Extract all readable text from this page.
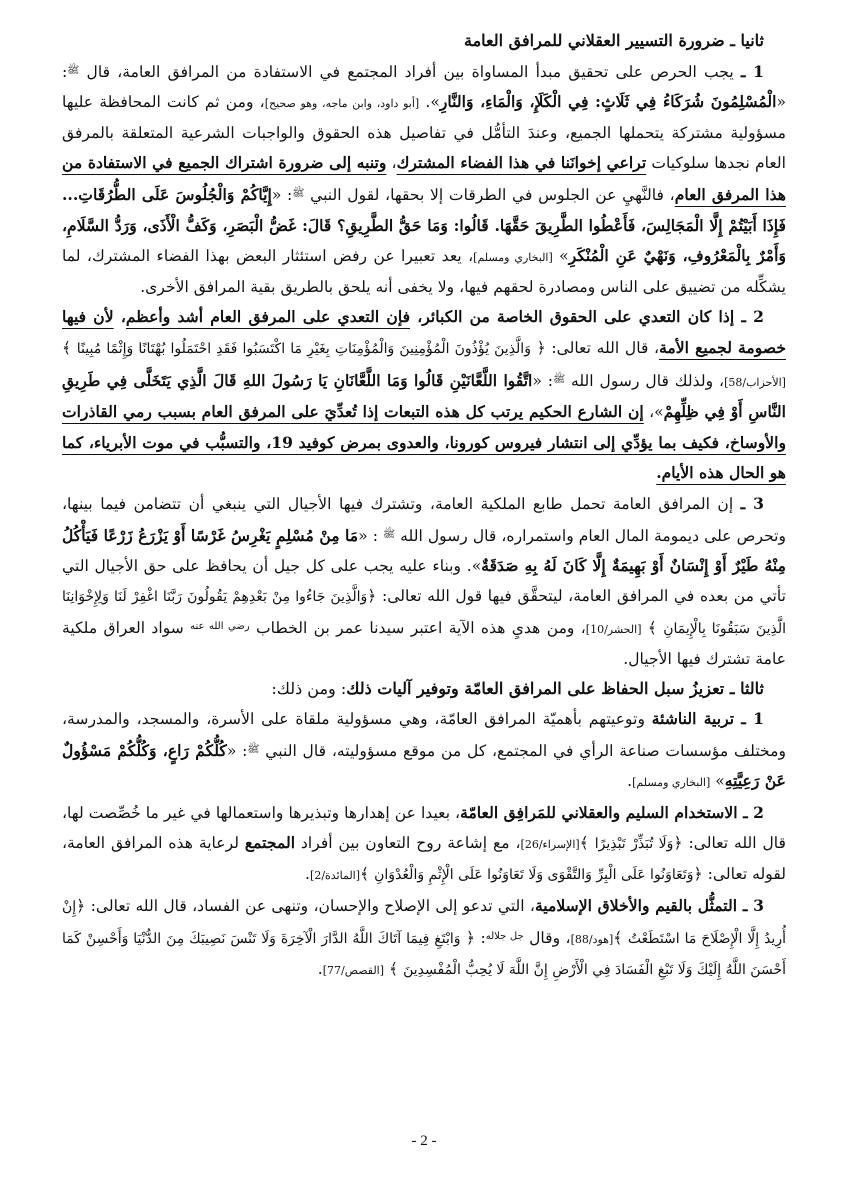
ثانيا ـ ضرورة التسيير العقلاني للمرافق العامة

1 ـ يجب الحرص على تحقيق مبدأ المساواة بين أفراد المجتمع في الاستفادة من المرافق العامة، قال $^ﷺ$: «الْمُسْلِمُونَ شُرَكَاءُ فِي ثَلَاثٍ: فِي الْكَلَإِ، وَالْمَاءِ، وَالنَّارِ». [أبو داود، وابن ماجه، وهو صحيح]، ومن ثم كانت المحافظة عليها مسؤولية مشتركة يتحملها الجميع، وعندَ التأمُّل في تفاصيل هذه الحقوق والواجبات الشرعية المتعلقة بالمرفق العام نجدها سلوكيات تراعي إخوانَنا في هذا الفضاء المشترك، وتنبه إلى ضرورة اشتراك الجميع في الاستفادة من هذا المرفق العام، فالنَّهيِ عن الجلوس في الطرقات إلا بحقها، لقول النبي $^ﷺ$: «إِيَّاكُمْ وَالْجُلُوسَ عَلَى الطُّرُقَاتِ... فَإِذَا أَبَيْتُمْ إِلَّا الْمَجَالِسَ، فَأَعْطُوا الطَّرِيقَ حَقَّهَا. قَالُوا: وَمَا حَقُّ الطَّرِيقِ؟ قَالَ: غَضُّ الْبَصَرِ، وَكَفُّ الْأَذَى، وَرَدُّ السَّلَامِ، وَأَمْرٌ بِالْمَعْرُوفِ، وَنَهْيٌ عَنِ الْمُنْكَرِ» [البخاري ومسلم]، يعد تعبيرا عن رفض استئثار البعض بهذا الفضاء المشترك، لما يشكِّله من تضييق على الناس ومصادرة لحقهم فيها، ولا يخفى أنه يلحق بالطريق بقية المرافق الأخرى.

2 ـ إذا كان التعدي على الحقوق الخاصة من الكبائر، فإن التعدي على المرفق العام أشد وأعظم، لأن فيها خصومة لجميع الأمة، قال الله تعالى: ﴿ وَالَّذِينَ يُؤْذُونَ الْمُؤْمِنِينَ وَالْمُؤْمِنَاتِ بِغَيْرِ مَا اكْتَسَبُوا فَقَدِ احْتَمَلُوا بُهْتَانًا وَإِثْمًا مُبِينًا ﴾ [الأحزاب/58]، ولذلك قال رسول الله $^ﷺ$: «اتَّقُوا اللَّعَّانَيْنِ قَالُوا وَمَا اللَّعَّانَانِ يَا رَسُولَ اللهِ قَالَ الَّذِي يَتَخَلَّى فِي طَرِيقِ النَّاسِ أَوْ فِي ظِلِّهِمْ»، إن الشارع الحكيم يرتب كل هذه التبعات إذا تُعدِّيَ على المرفق العام بسبب رمي القاذرات والأوساخ، فكيف بما يؤدِّي إلى انتشار فيروس كورونا، والعدوى بمرض كوفيد 19، والتسبُّب في موت الأبرياء، كما هو الحال هذه الأيام.

3 ـ إن المرافق العامة تحمل طابع الملكية العامة، وتشترك فيها الأجيال التي ينبغي أن تتضامن فيما بينها، وتحرص على ديمومة المال العام واستمراره، قال رسول الله $^ﷺ$ : «مَا مِنْ مُسْلِمٍ يَغْرِسُ غَرْسًا أَوْ يَزْرَعُ زَرْعًا فَيَأْكُلُ مِنْهُ طَيْرٌ أَوْ إِنْسَانٌ أَوْ بَهِيمَةٌ إِلَّا كَانَ لَهُ بِهِ صَدَقَةٌ». وبناء عليه يجب على كل جيل أن يحافظ على حق الأجيال التي تأتي من بعده في المرافق العامة، ليتحقَّق فيها قول الله تعالى: ﴿وَالَّذِينَ جَاءُوا مِنْ بَعْدِهِمْ يَقُولُونَ رَبَّنَا اغْفِرْ لَنَا وَلِإِخْوَانِنَا الَّذِينَ سَبَقُونَا بِالْإِيمَانِ ﴾ [الحشر/10]، ومن هديِ هذه الآية اعتبر سيدنا عمر بن الخطاب $^{رضي الله عنه}$ سواد العراق ملكية عامة تشترك فيها الأجيال.

ثالثا ـ تعزيزُ سبل الحفاظ على المرافق العامّة وتوفير آليات ذلك: ومن ذلك:

1 ـ تربية الناشئة وتوعيتهم بأهميّة المرافق العامّة، وهي مسؤولية ملقاة على الأسرة، والمسجد، والمدرسة، ومختلف مؤسسات صناعة الرأي في المجتمع، كل من موقع مسؤوليته، قال النبي $^ﷺ$: «كُلُّكُمْ رَاعٍ، وَكُلُّكُمْ مَسْؤُولٌ عَنْ رَعِيَّتِهِ» [البخاري ومسلم].

2 ـ الاستخدام السليم والعقلاني للمَرافِق العامّة، بعيدا عن إهدارها وتبذيرها واستعمالها في غير ما خُصِّصت لها، قال الله تعالى: ﴿وَلَا تُبَذِّرْ تَبْذِيرًا ﴾[الإسراء/26]، مع إشاعة روح التعاون بين أفراد المجتمع لرعاية هذه المرافق العامة، لقوله تعالى: ﴿وَتَعَاوَنُوا عَلَى الْبِرِّ وَالتَّقْوَى وَلَا تَعَاوَنُوا عَلَى الْإِثْمِ وَالْعُدْوَانِ ﴾[المائدة/2].

3 ـ التمثُّل بالقيم والأخلاق الإسلامية، التي تدعو إلى الإصلاح والإحسان، وتنهى عن الفساد، قال الله تعالى: ﴿إِنْ أُرِيدُ إِلَّا الْإِصْلَاحَ مَا اسْتَطَعْتُ ﴾[هود/88]، وقال $^{جل جلاله}$: ﴿ وَابْتَغِ فِيمَا آتَاكَ اللَّهُ الدَّارَ الْآخِرَةَ وَلَا تَنْسَ نَصِيبَكَ مِنَ الدُّنْيَا وَأَحْسِنْ كَمَا أَحْسَنَ اللَّهُ إِلَيْكَ وَلَا تَبْغِ الْفَسَادَ فِي الْأَرْضِ إِنَّ اللَّهَ لَا يُحِبُّ الْمُفْسِدِينَ ﴾ [القصص/77].

- 2 -
